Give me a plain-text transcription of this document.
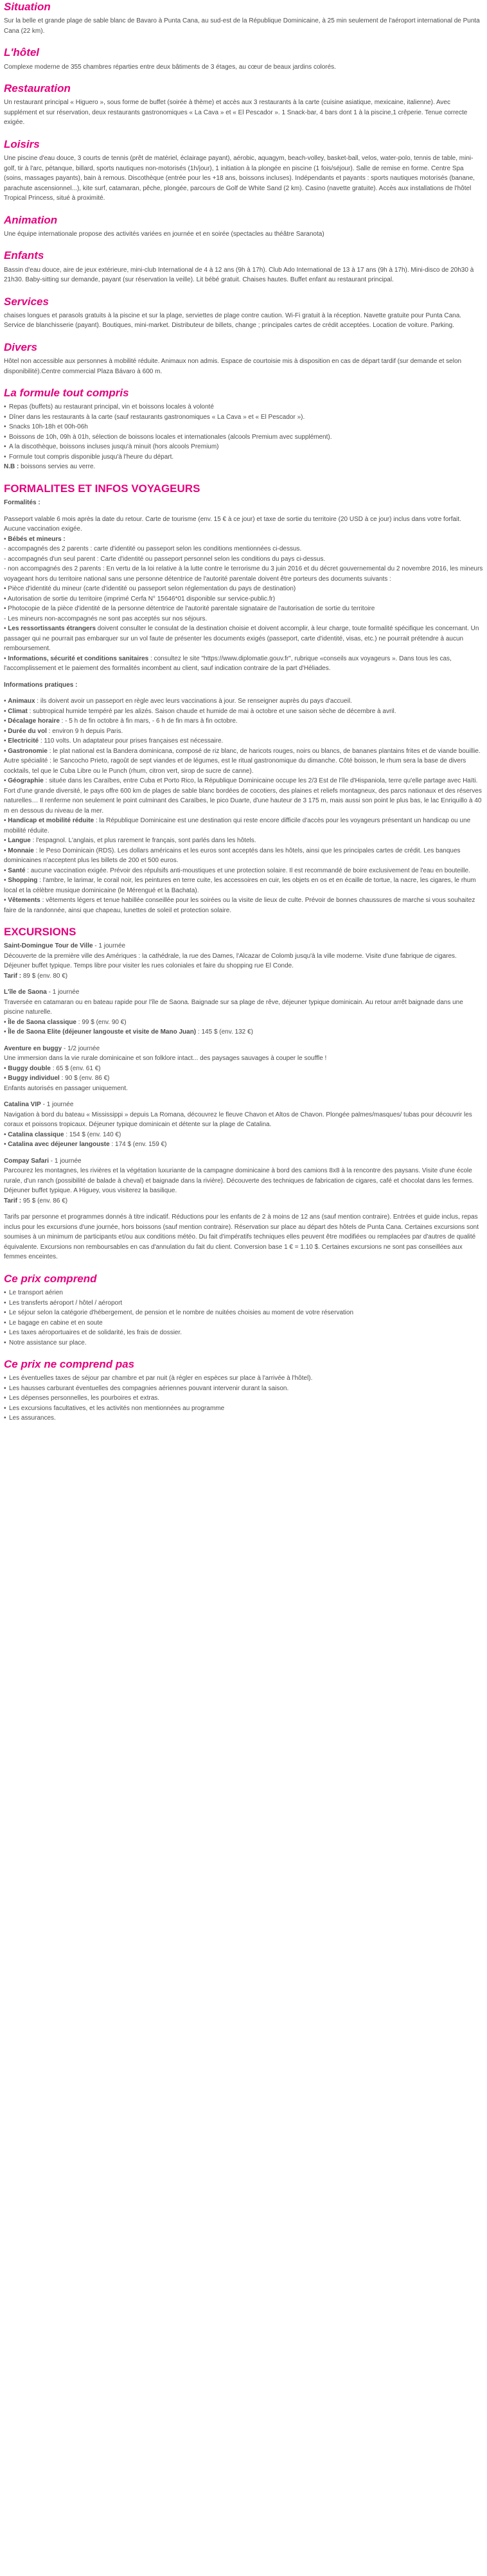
Situation

Sur la belle et grande plage de sable blanc de Bavaro à Punta Cana, au sud-est de la République Dominicaine, à 25 min seulement de l'aéroport international de Punta Cana (22 km).

L'hôtel

Complexe moderne de 355 chambres réparties entre deux bâtiments de 3 étages, au cœur de beaux jardins colorés.

Restauration

Un restaurant principal « Higuero », sous forme de buffet (soirée à thème) et accès aux 3 restaurants à la carte (cuisine asiatique, mexicaine, italienne). Avec supplément et sur réservation, deux restaurants gastronomiques « La Cava » et « El Pescador ». 1 Snack-bar, 4 bars dont 1 à la piscine,1 crêperie. Tenue correcte exigée.

Loisirs

Une piscine d'eau douce, 3 courts de tennis (prêt de matériel, éclairage payant), aérobic, aquagym, beach-volley, basket-ball, velos, water-polo, tennis de table, mini-golf, tir à l'arc, pétanque, billard, sports nautiques non-motorisés (1h/jour), 1 initiation à la plongée en piscine (1 fois/séjour). Salle de remise en forme. Centre Spa (soins, massages payants), bain à remous. Discothèque (entrée pour les +18 ans, boissons incluses). Indépendants et payants : sports nautiques motorisés (banane, parachute ascensionnel...), kite surf, catamaran, pêche, plongée, parcours de Golf de White Sand (2 km). Casino (navette gratuite). Accès aux installations de l'hôtel Tropical Princess, situé à proximité.

Animation

Une équipe internationale propose des activités variées en journée et en soirée (spectacles au théâtre Saranota)

Enfants

Bassin d'eau douce, aire de jeux extérieure, mini-club International de 4 à 12 ans (9h à 17h). Club Ado International de 13 à 17 ans (9h à 17h). Mini-disco de 20h30 à 21h30. Baby-sitting sur demande, payant (sur réservation la veille). Lit bébé gratuit. Chaises hautes. Buffet enfant au restaurant principal.

Services

chaises longues et parasols gratuits à la piscine et sur la plage, serviettes de plage contre caution. Wi-Fi gratuit à la réception. Navette gratuite pour Punta Cana. Service de blanchisserie (payant). Boutiques, mini-market. Distributeur de billets, change ; principales cartes de crédit acceptées. Location de voiture. Parking.

Divers

Hôtel non accessible aux personnes à mobilité réduite. Animaux non admis. Espace de courtoisie mis à disposition en cas de départ tardif (sur demande et selon disponibilité).Centre commercial Plaza Bávaro à 600 m.

La formule tout compris
• Repas (buffets) au restaurant principal, vin et boissons locales à volonté
• Dîner dans les restaurants à la carte (sauf restaurants gastronomiques « La Cava » et « El Pescador »).
• Snacks 10h-18h et 00h-06h
• Boissons de 10h, 09h à 01h, sélection de boissons locales et internationales (alcools Premium avec supplément).
• A la discothèque, boissons incluses jusqu'à minuit (hors alcools Premium)
• Formule tout compris disponible jusqu'à l'heure du départ.

N.B : boissons servies au verre.

FORMALITES ET INFOS VOYAGEURS

Formalités :

Passeport valable 6 mois après la date du retour. Carte de tourisme (env. 15 € à ce jour) et taxe de sortie du territoire (20 USD à ce jour) inclus dans votre forfait. Aucune vaccination exigée.

• Bébés et mineurs :

- accompagnés des 2 parents : carte d'identité ou passeport selon les conditions mentionnées ci-dessus.

- accompagnés d'un seul parent : Carte d'identité ou passeport personnel selon les conditions du pays ci-dessus.

- non accompagnés des 2 parents : En vertu de la loi relative à la lutte contre le terrorisme du 3 juin 2016 et du décret gouvernemental du 2 novembre 2016, les mineurs voyageant hors du territoire national sans une personne détentrice de l'autorité parentale doivent être porteurs des documents suivants :

• Pièce d'identité du mineur (carte d'identité ou passeport selon réglementation du pays de destination)

• Autorisation de sortie du territoire (imprimé Cerfa N° 15646*01 disponible sur service-public.fr)

• Photocopie de la pièce d'identité de la personne détentrice de l'autorité parentale signataire de l'autorisation de sortie du territoire

- Les mineurs non-accompagnés ne sont pas acceptés sur nos séjours.

• Les ressortissants étrangers doivent consulter le consulat de la destination choisie et doivent accomplir, à leur charge, toute formalité spécifique les concernant. Un passager qui ne pourrait pas embarquer sur un vol faute de présenter les documents exigés (passeport, carte d'identité, visas, etc.) ne pourrait prétendre à aucun remboursement.

• Informations, sécurité et conditions sanitaires : consultez le site "https://www.diplomatie.gouv.fr", rubrique «conseils aux voyageurs ». Dans tous les cas, l'accomplissement et le paiement des formalités incombent au client, sauf indication contraire de la part d'Héliades.

Informations pratiques :

• Animaux : ils doivent avoir un passeport en règle avec leurs vaccinations à jour. Se renseigner auprès du pays d'accueil.

• Climat : subtropical humide tempéré par les alizés. Saison chaude et humide de mai à octobre et une saison sèche de décembre à avril.

• Décalage horaire : - 5 h de fin octobre à fin mars, - 6 h de fin mars à fin octobre.

• Durée du vol : environ 9 h depuis Paris.

• Electricité : 110 volts. Un adaptateur pour prises françaises est nécessaire.

• Gastronomie : le plat national est la Bandera dominicana, composé de riz blanc, de haricots rouges, noirs ou blancs, de bananes plantains frites et de viande bouillie. Autre spécialité : le Sancocho Prieto, ragoût de sept viandes et de légumes, est le ritual gastronomique du dimanche. Côté boisson, le rhum sera la base de divers cocktails, tel que le Cuba Libre ou le Punch (rhum, citron vert, sirop de sucre de canne).

• Géographie : située dans les Caraïbes, entre Cuba et Porto Rico, la République Dominicaine occupe les 2/3 Est de l'île d'Hispaniola, terre qu'elle partage avec Haïti. Fort d'une grande diversité, le pays offre 600 km de plages de sable blanc bordées de cocotiers, des plaines et reliefs montagneux, des parcs nationaux et des réserves naturelles… Il renferme non seulement le point culminant des Caraïbes, le pico Duarte, d'une hauteur de 3 175 m, mais aussi son point le plus bas, le lac Enriquillo à 40 m en dessous du niveau de la mer.

• Handicap et mobilité réduite : la République Dominicaine est une destination qui reste encore difficile d'accès pour les voyageurs présentant un handicap ou une mobilité réduite.

• Langue : l'espagnol. L'anglais, et plus rarement le français, sont parlés dans les hôtels.

• Monnaie : le Peso Dominicain (RDS). Les dollars américains et les euros sont acceptés dans les hôtels, ainsi que les principales cartes de crédit. Les banques dominicaines n'acceptent plus les billets de 200 et 500 euros.

• Santé : aucune vaccination exigée. Prévoir des répulsifs anti-moustiques et une protection solaire. Il est recommandé de boire exclusivement de l'eau en bouteille.

• Shopping : l'ambre, le larimar, le corail noir, les peintures en terre cuite, les accessoires en cuir, les objets en os et en écaille de tortue, la nacre, les cigares, le rhum local et la célèbre musique dominicaine (le Mérengué et la Bachata).

• Vêtements : vêtements légers et tenue habillée conseillée pour les soirées ou la visite de lieux de culte. Prévoir de bonnes chaussures de marche si vous souhaitez faire de la randonnée, ainsi que chapeau, lunettes de soleil et protection solaire.

EXCURSIONS

Saint-Domingue Tour de Ville - 1 journée

Découverte de la première ville des Amériques : la cathédrale, la rue des Dames, l'Alcazar de Colomb jusqu'à la ville moderne. Visite d'une fabrique de cigares. Déjeuner buffet typique. Temps libre pour visiter les rues coloniales et faire du shopping rue El Conde.

Tarif : 89 $ (env. 80 €)

L'île de Saona - 1 journée

Traversée en catamaran ou en bateau rapide pour l'île de Saona. Baignade sur sa plage de rêve, déjeuner typique dominicain. Au retour arrêt baignade dans une piscine naturelle.

• Île de Saona classique : 99 $ (env. 90 €)

• Île de Saona Elite (déjeuner langouste et visite de Mano Juan) : 145 $ (env. 132 €)

Aventure en buggy - 1/2 journée

Une immersion dans la vie rurale dominicaine et son folklore intact... des paysages sauvages à couper le souffle !

• Buggy double : 65 $ (env. 61 €)

• Buggy individuel : 90 $ (env. 86 €)

Enfants autorisés en passager uniquement.

Catalina VIP - 1 journée

Navigation à bord du bateau « Mississippi » depuis La Romana, découvrez le fleuve Chavon et Altos de Chavon. Plongée palmes/masques/ tubas pour découvrir les coraux et poissons tropicaux. Déjeuner typique dominicain et détente sur la plage de Catalina.

• Catalina classique : 154 $ (env. 140 €)

• Catalina avec déjeuner langouste : 174 $ (env. 159 €)

Compay Safari - 1 journée

Parcourez les montagnes, les rivières et la végétation luxuriante de la campagne dominicaine à bord des camions 8x8 à la rencontre des paysans. Visite d'une école rurale, d'un ranch (possibilité de balade à cheval) et baignade dans la rivière). Découverte des techniques de fabrication de cigares, café et chocolat dans les fermes. Déjeuner buffet typique. A Higuey, vous visiterez la basilique.

Tarif : 95 $ (env. 86 €)

Tarifs par personne et programmes donnés à titre indicatif. Réductions pour les enfants de 2 à moins de 12 ans (sauf mention contraire). Entrées et guide inclus, repas inclus pour les excursions d'une journée, hors boissons (sauf mention contraire). Réservation sur place au départ des hôtels de Punta Cana. Certaines excursions sont soumises à un minimum de participants et/ou aux conditions météo. Du fait d'impératifs techniques elles peuvent être modifiées ou remplacées par d'autres de qualité équivalente. Excursions non remboursables en cas d'annulation du fait du client. Conversion base 1 € = 1.10 $. Certaines excursions ne sont pas conseillées aux femmes enceintes.

Ce prix comprend
• Le transport aérien
• Les transferts aéroport / hôtel / aéroport
• Le séjour selon la catégorie d'hébergement, de pension et le nombre de nuitées choisies au moment de votre réservation
• Le bagage en cabine et en soute
• Les taxes aéroportuaires et de solidarité, les frais de dossier.
• Notre assistance sur place.
Ce prix ne comprend pas
• Les éventuelles taxes de séjour par chambre et par nuit (à régler en espèces sur place à l'arrivée à l'hôtel).
• Les hausses carburant éventuelles des compagnies aériennes pouvant intervenir durant la saison.
• Les dépenses personnelles, les pourboires et extras.
• Les excursions facultatives, et les activités non mentionnées au programme
• Les assurances.
